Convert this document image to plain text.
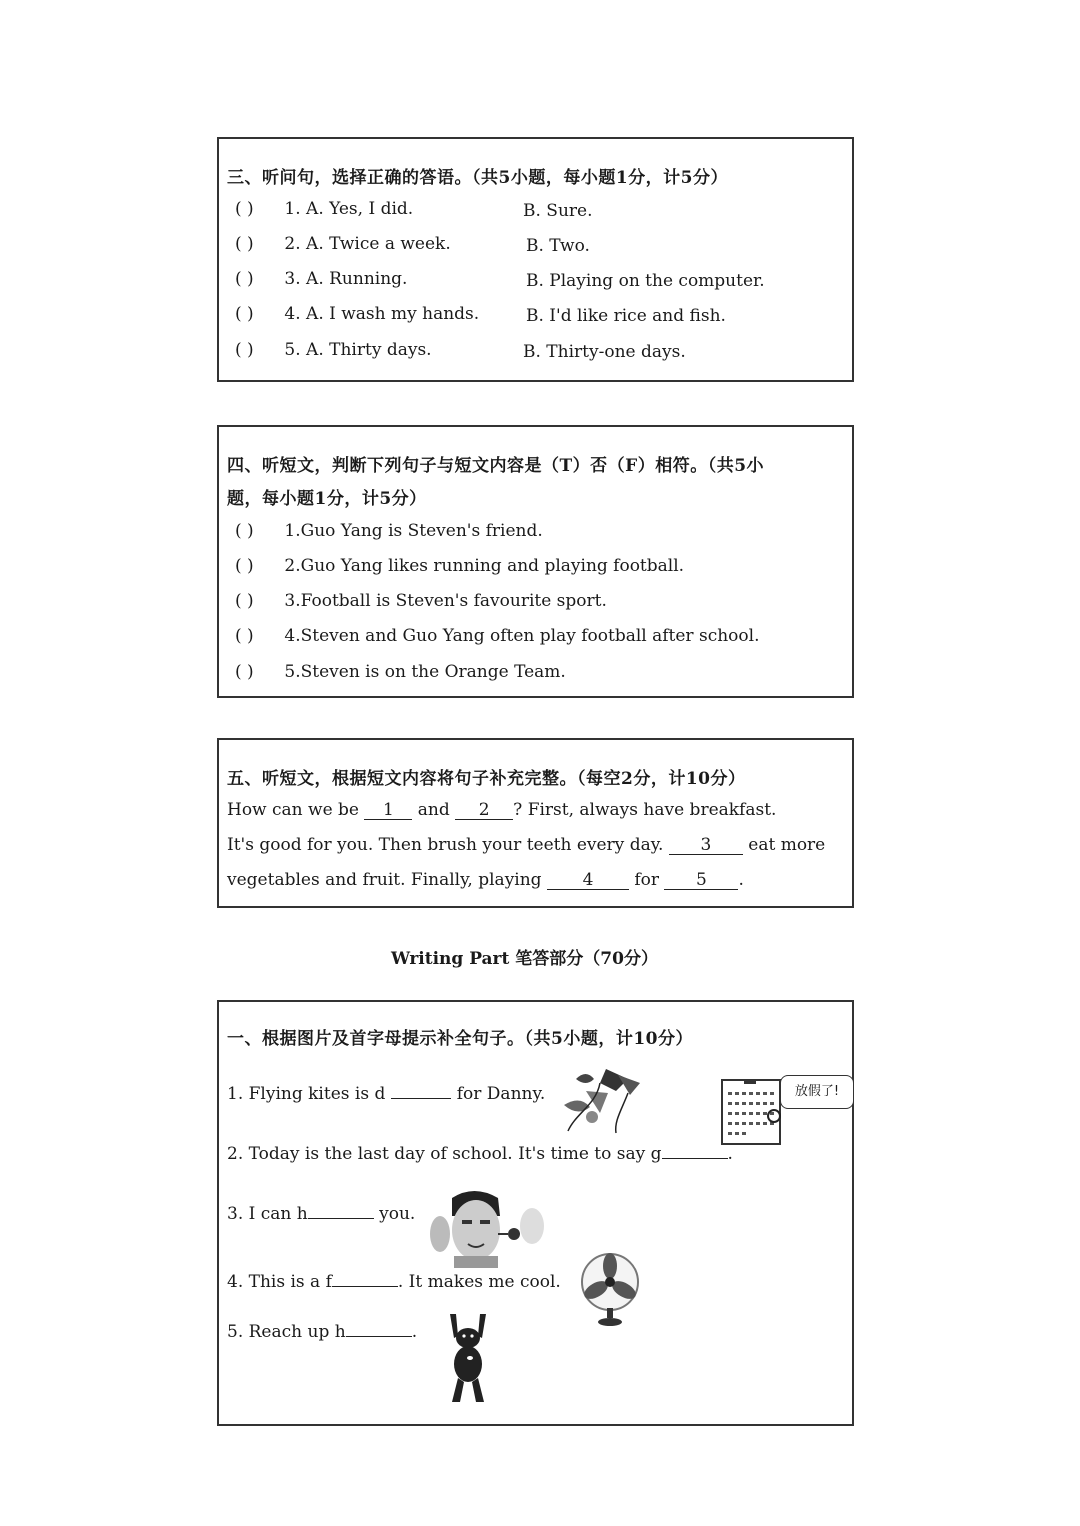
三、听问句，选择正确的答语。（共5小题，每小题1分，计5分）
( ) 1. A. Yes, I did.	B. Sure.
( ) 2. A. Twice a week.	B. Two.
( ) 3. A. Running.	B. Playing on the computer.
( ) 4. A. I wash my hands.	B. I'd like rice and fish.
( ) 5. A. Thirty days.	B. Thirty-one days.
四、听短文，判断下列句子与短文内容是（T）否（F）相符。（共5小
题，每小题1分，计5分）
( ) 1.Guo Yang is Steven's friend.
( ) 2.Guo Yang likes running and playing football.
( ) 3.Football is Steven's favourite sport.
( ) 4.Steven and Guo Yang often play football after school.
( ) 5.Steven is on the Orange Team.
五、听短文，根据短文内容将句子补充完整。（每空2分，计10分）
How can we be 1 and 2 ? First, always have breakfast.
It's good for you. Then brush your teeth every day. 3 eat more
vegetables and fruit. Finally, playing 4 for 5 .
Writing Part 笔答部分（70分）
一、根据图片及首字母提示补全句子。（共5小题，计10分）
1. Flying kites is d	for Danny.
2. Today is the last day of school. It's time to say g	.
3. I can h	you.
4. This is a f	. It makes me cool.
5. Reach up h	.
放假了!
